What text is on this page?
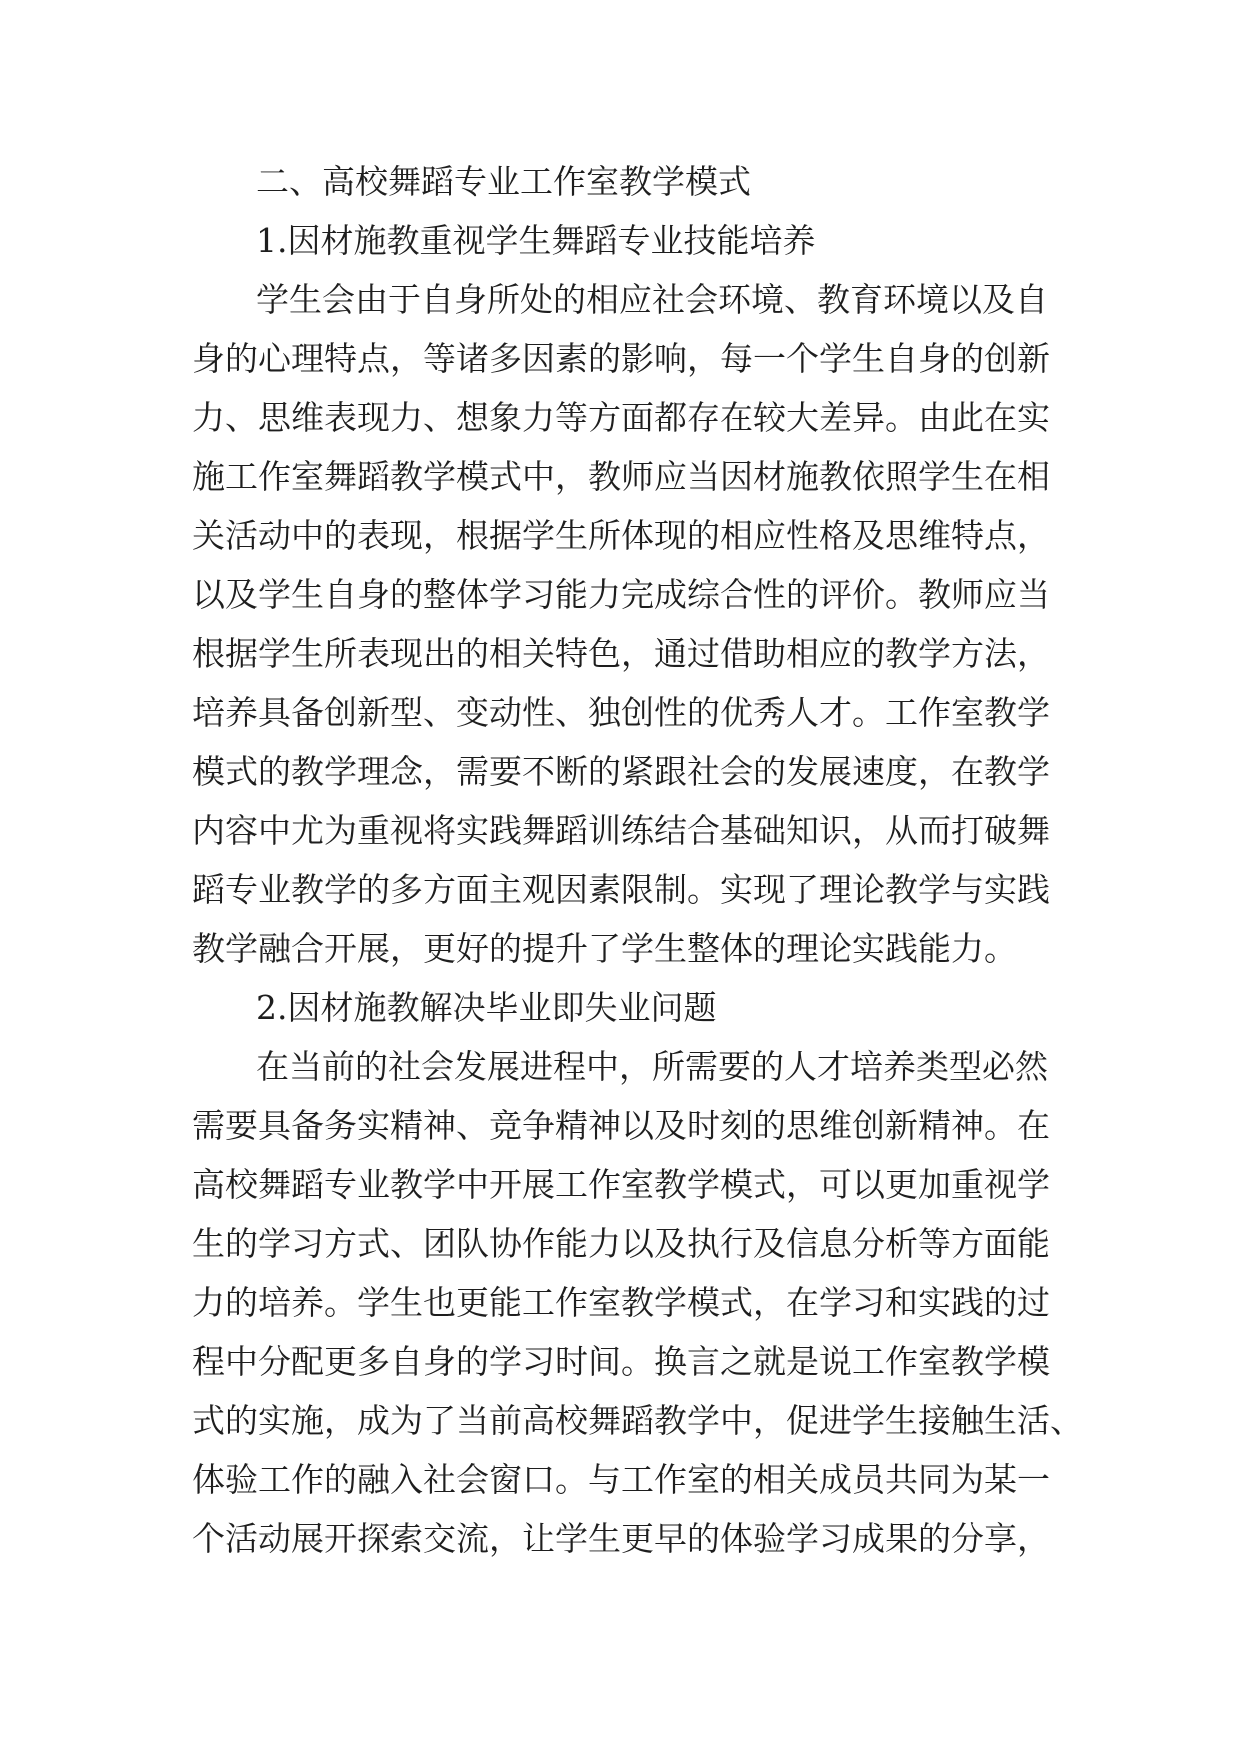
二、高校舞蹈专业工作室教学模式
1.因材施教重视学生舞蹈专业技能培养
学生会由于自身所处的相应社会环境、教育环境以及自
身的心理特点，等诸多因素的影响，每一个学生自身的创新
力、思维表现力、想象力等方面都存在较大差异。由此在实
施工作室舞蹈教学模式中，教师应当因材施教依照学生在相
关活动中的表现，根据学生所体现的相应性格及思维特点，
以及学生自身的整体学习能力完成综合性的评价。教师应当
根据学生所表现出的相关特色，通过借助相应的教学方法，
培养具备创新型、变动性、独创性的优秀人才。工作室教学
模式的教学理念，需要不断的紧跟社会的发展速度，在教学
内容中尤为重视将实践舞蹈训练结合基础知识，从而打破舞
蹈专业教学的多方面主观因素限制。实现了理论教学与实践
教学融合开展，更好的提升了学生整体的理论实践能力。
2.因材施教解决毕业即失业问题
在当前的社会发展进程中，所需要的人才培养类型必然
需要具备务实精神、竞争精神以及时刻的思维创新精神。在
高校舞蹈专业教学中开展工作室教学模式，可以更加重视学
生的学习方式、团队协作能力以及执行及信息分析等方面能
力的培养。学生也更能工作室教学模式，在学习和实践的过
程中分配更多自身的学习时间。换言之就是说工作室教学模
式的实施，成为了当前高校舞蹈教学中，促进学生接触生活、
体验工作的融入社会窗口。与工作室的相关成员共同为某一
个活动展开探索交流，让学生更早的体验学习成果的分享，
